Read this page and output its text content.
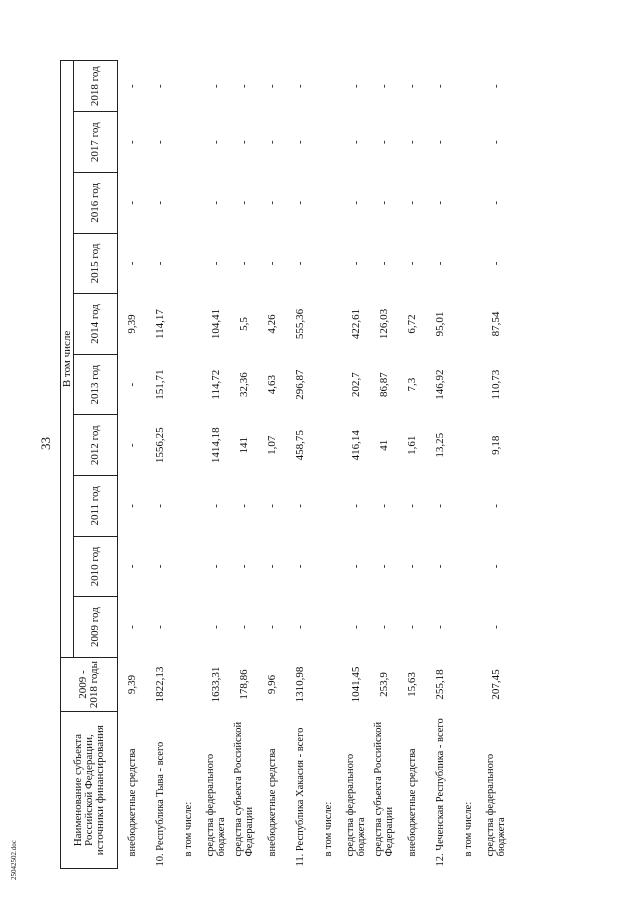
33
25042502.doc
Наименование субъекта Российской Федерации, источники финансирования	2009 - 2018 годы	В том числе									
		2009 год	2010 год	2011 год	2012 год	2013 год	2014 год	2015 год	2016 год	2017 год	2018 год
внебюджетные средства	9,39	-	-	-	-	-	9,39	-	-	-	-
10. Республика Тыва - всего	1822,13	-	-	-	1556,25	151,71	114,17	-	-	-	-
в том числе:											
средства федерального бюджета	1633,31	-	-	-	1414,18	114,72	104,41	-	-	-	-
средства субъекта Российской Федерации	178,86	-	-	-	141	32,36	5,5	-	-	-	-
внебюджетные средства	9,96	-	-	-	1,07	4,63	4,26	-	-	-	-
11. Республика Хакасия - всего	1310,98	-	-	-	458,75	296,87	555,36	-	-	-	-
в том числе:											
средства федерального бюджета	1041,45	-	-	-	416,14	202,7	422,61	-	-	-	-
средства субъекта Российской Федерации	253,9	-	-	-	41	86,87	126,03	-	-	-	-
внебюджетные средства	15,63	-	-	-	1,61	7,3	6,72	-	-	-	-
12. Чеченская Республика - всего	255,18	-	-	-	13,25	146,92	95,01	-	-	-	-
в том числе:											
средства федерального бюджета	207,45	-	-	-	9,18	110,73	87,54	-	-	-	-
